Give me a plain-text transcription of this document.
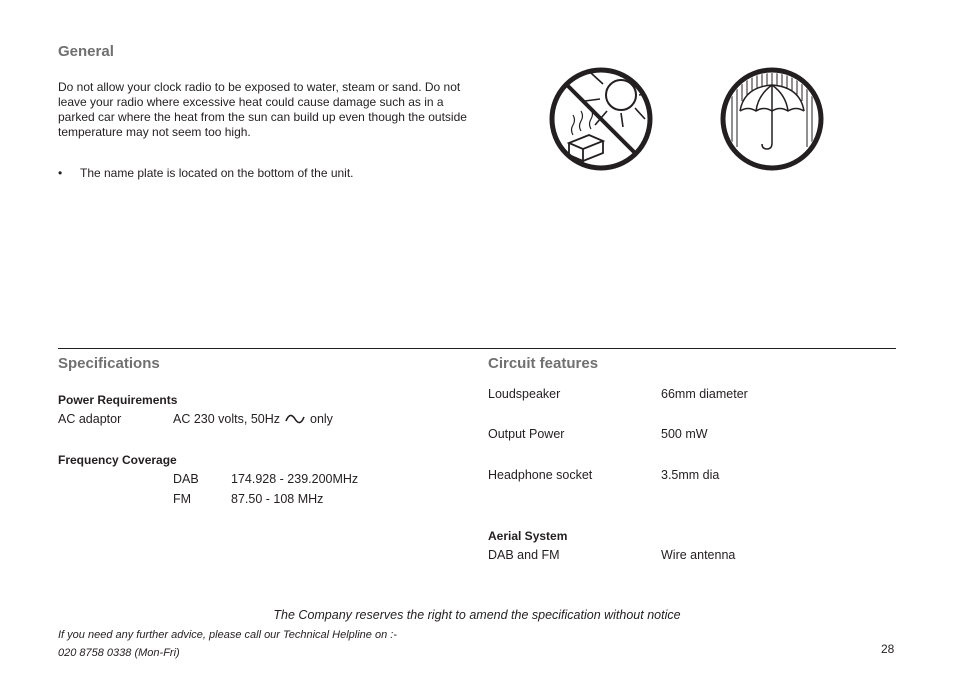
General
Do not allow your clock radio to be exposed to water, steam or sand. Do not leave your radio where excessive heat could cause damage such as in a parked car where the heat from the sun can build up even though the outside temperature may not seem too high.
• The name plate is located on the bottom of the unit.
Specifications
Power Requirements
AC adaptor	AC 230 volts, 50Hz only
Frequency Coverage
DAB	174.928 - 239.200MHz
FM	87.50 - 108 MHz
Circuit features
Loudspeaker	66mm diameter
Output Power	500 mW
Headphone socket	3.5mm dia
Aerial System
DAB and FM	Wire antenna
The Company reserves the right to amend the specification without notice
If you need any further advice, please call our Technical Helpline on :-
020 8758 0338 (Mon-Fri)	28
